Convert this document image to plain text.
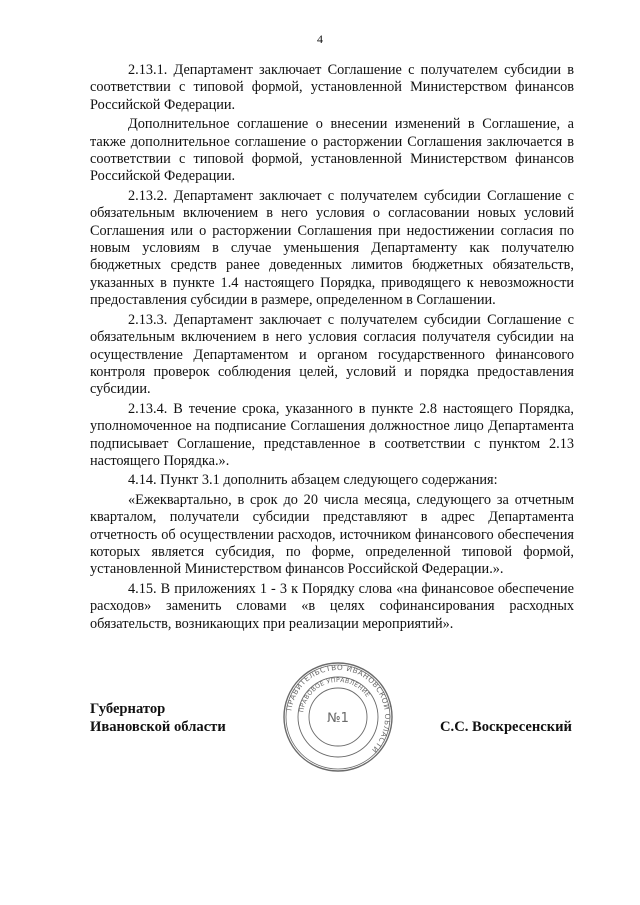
4

2.13.1. Департамент заключает Соглашение с получателем субсидии в соответствии с типовой формой, установленной Министерством финансов Российской Федерации.

Дополнительное соглашение о внесении изменений в Соглашение, а также дополнительное соглашение о расторжении Соглашения заключается в соответствии с типовой формой, установленной Министерством финансов Российской Федерации.

2.13.2. Департамент заключает с получателем субсидии Соглашение с обязательным включением в него условия о согласовании новых условий Соглашения или о расторжении Соглашения при недостижении согласия по новым условиям в случае уменьшения Департаменту как получателю бюджетных средств ранее доведенных лимитов бюджетных обязательств, указанных в пункте 1.4 настоящего Порядка, приводящего к невозможности предоставления субсидии в размере, определенном в Соглашении.

2.13.3. Департамент заключает с получателем субсидии Соглашение с обязательным включением в него условия согласия получателя субсидии на осуществление Департаментом и органом государственного финансового контроля проверок соблюдения целей, условий и порядка предоставления субсидии.

2.13.4. В течение срока, указанного в пункте 2.8 настоящего Порядка, уполномоченное на подписание Соглашения должностное лицо Департамента подписывает Соглашение, представленное в соответствии с пунктом 2.13 настоящего Порядка.».

4.14. Пункт 3.1 дополнить абзацем следующего содержания:

«Ежеквартально, в срок до 20 числа месяца, следующего за отчетным кварталом, получатели субсидии представляют в адрес Департамента отчетность об осуществлении расходов, источником финансового обеспечения которых является субсидия, по форме, определенной типовой формой, установленной Министерством финансов Российской Федерации.».

4.15. В приложениях 1 - 3 к Порядку слова «на финансовое обеспечение расходов» заменить словами «в целях софинансирования расходных обязательств, возникающих при реализации мероприятий».

Губернатор
Ивановской области	С.С. Воскресенский
ПРАВИТЕЛЬСТВО ИВАНОВСКОЙ ОБЛАСТИ
ПРАВОВОЕ УПРАВЛЕНИЕ
№1
